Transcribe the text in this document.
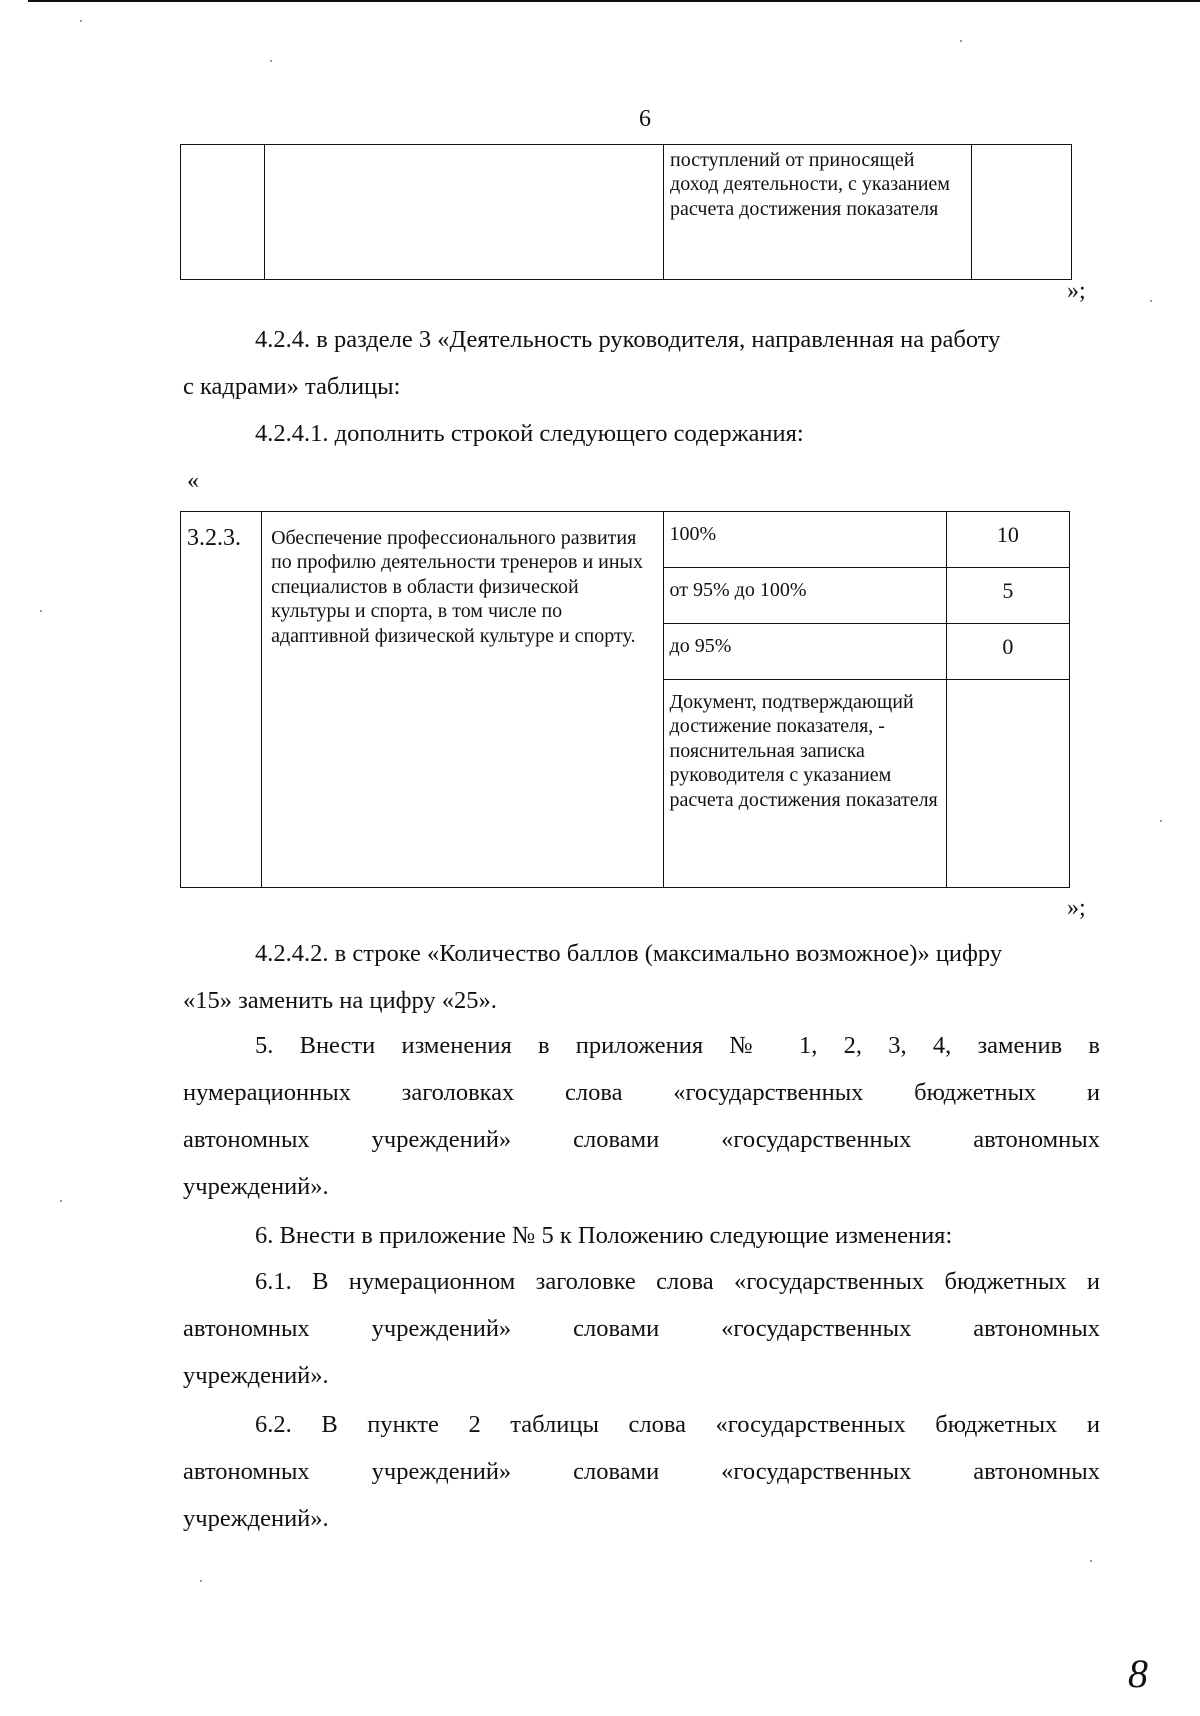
6
		поступлений от приносящей доход деятельности, с указанием расчета достижения показателя	
»;
4.2.4. в разделе 3 «Деятельность руководителя, направленная на работу
с кадрами» таблицы:
4.2.4.1. дополнить строкой следующего содержания:
«
3.2.3.	Обеспечение профессионального развития по профилю деятельности тренеров и иных специалистов в области физической культуры и спорта, в том числе по адаптивной физической культуре и спорту.	100%	10
		от 95% до 100%	5
		до 95%	0
		Документ, подтверждающий достижение показателя, - пояснительная записка руководителя с указанием расчета достижения показателя	
»;
4.2.4.2. в строке «Количество баллов (максимально возможное)» цифру
«15» заменить на цифру «25».
5. Внести изменения в приложения № 1, 2, 3, 4, заменив в
нумерационных заголовках слова «государственных бюджетных и
автономных учреждений» словами «государственных автономных
учреждений».
6. Внести в приложение № 5 к Положению следующие изменения:
6.1. В нумерационном заголовке слова «государственных бюджетных и
автономных учреждений» словами «государственных автономных
учреждений».
6.2. В пункте 2 таблицы слова «государственных бюджетных и
автономных учреждений» словами «государственных автономных
учреждений».
8
